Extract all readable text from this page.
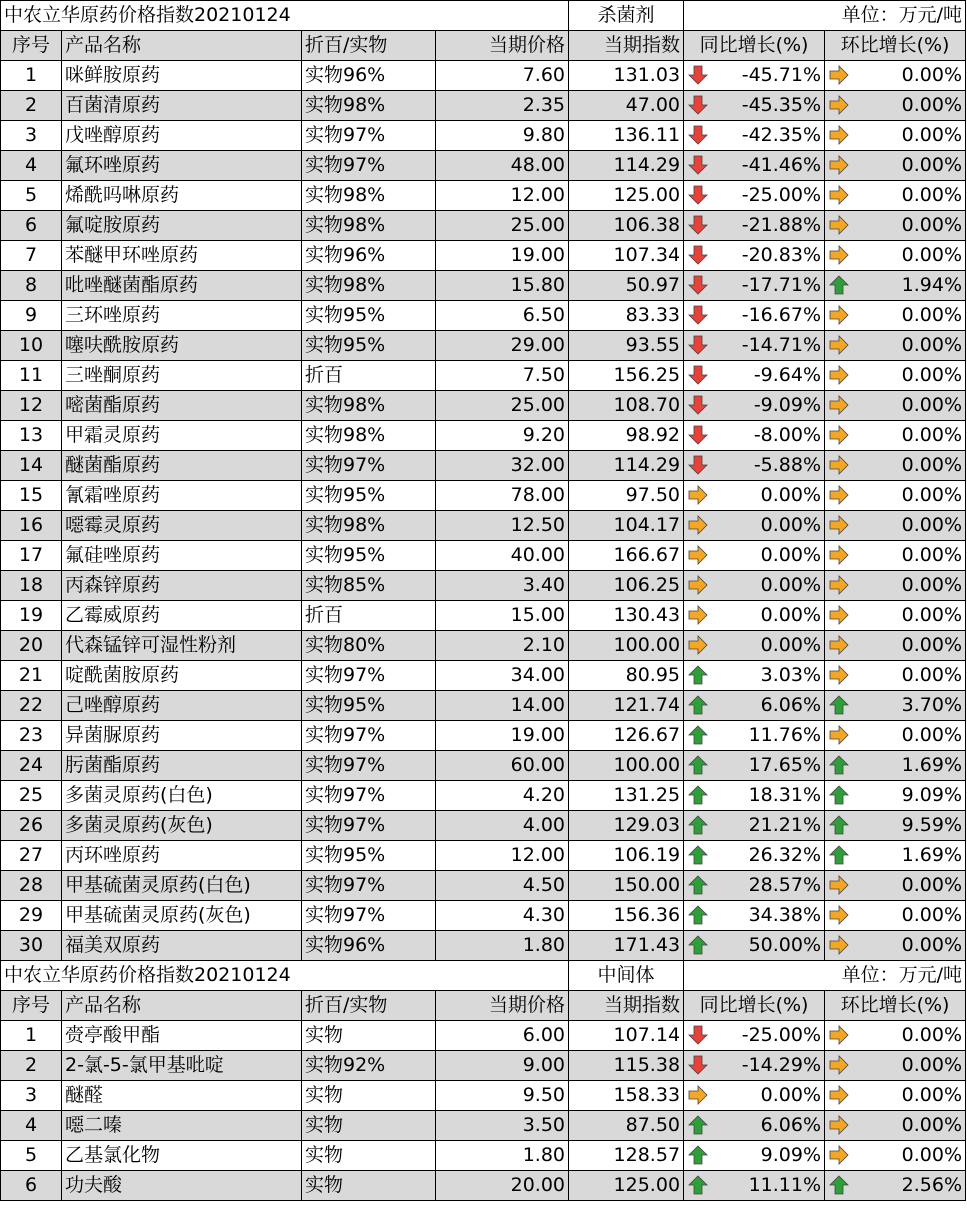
中农立华原药价格指数20210124				杀菌剂	单位：万元/吨	
序号	产品名称	折百/实物	当期价格	当期指数	同比增长(%)	环比增长(%)
1	咪鲜胺原药	实物96%	7.60	131.03	-45.71%	0.00%

2	百菌清原药	实物98%	2.35	47.00	-45.35%	0.00%

3	戊唑醇原药	实物97%	9.80	136.11	-42.35%	0.00%

4	氟环唑原药	实物97%	48.00	114.29	-41.46%	0.00%

5	烯酰吗啉原药	实物98%	12.00	125.00	-25.00%	0.00%

6	氟啶胺原药	实物98%	25.00	106.38	-21.88%	0.00%

7	苯醚甲环唑原药	实物96%	19.00	107.34	-20.83%	0.00%

8	吡唑醚菌酯原药	实物98%	15.80	50.97	-17.71%	1.94%

9	三环唑原药	实物95%	6.50	83.33	-16.67%	0.00%

10	噻呋酰胺原药	实物95%	29.00	93.55	-14.71%	0.00%

11	三唑酮原药	折百	7.50	156.25	-9.64%	0.00%

12	嘧菌酯原药	实物98%	25.00	108.70	-9.09%	0.00%

13	甲霜灵原药	实物98%	9.20	98.92	-8.00%	0.00%

14	醚菌酯原药	实物97%	32.00	114.29	-5.88%	0.00%

15	氰霜唑原药	实物95%	78.00	97.50	0.00%	0.00%

16	噁霉灵原药	实物98%	12.50	104.17	0.00%	0.00%

17	氟硅唑原药	实物95%	40.00	166.67	0.00%	0.00%

18	丙森锌原药	实物85%	3.40	106.25	0.00%	0.00%

19	乙霉威原药	折百	15.00	130.43	0.00%	0.00%

20	代森锰锌可湿性粉剂	实物80%	2.10	100.00	0.00%	0.00%

21	啶酰菌胺原药	实物97%	34.00	80.95	3.03%	0.00%

22	己唑醇原药	实物95%	14.00	121.74	6.06%	3.70%

23	异菌脲原药	实物97%	19.00	126.67	11.76%	0.00%

24	肟菌酯原药	实物97%	60.00	100.00	17.65%	1.69%

25	多菌灵原药(白色)	实物97%	4.20	131.25	18.31%	9.09%

26	多菌灵原药(灰色)	实物97%	4.00	129.03	21.21%	9.59%

27	丙环唑原药	实物95%	12.00	106.19	26.32%	1.69%

28	甲基硫菌灵原药(白色)	实物97%	4.50	150.00	28.57%	0.00%

29	甲基硫菌灵原药(灰色)	实物97%	4.30	156.36	34.38%	0.00%

30	福美双原药	实物96%	1.80	171.43	50.00%	0.00%

中农立华原药价格指数20210124				中间体	单位：万元/吨	
序号	产品名称	折百/实物	当期价格	当期指数	同比增长(%)	环比增长(%)
1	赍亭酸甲酯	实物	6.00	107.14	-25.00%	0.00%

2	2-氯-5-氯甲基吡啶	实物92%	9.00	115.38	-14.29%	0.00%

3	醚醛	实物	9.50	158.33	0.00%	0.00%

4	噁二嗪	实物	3.50	87.50	6.06%	0.00%

5	乙基氯化物	实物	1.80	128.57	9.09%	0.00%

6	功夫酸	实物	20.00	125.00	11.11%	2.56%
